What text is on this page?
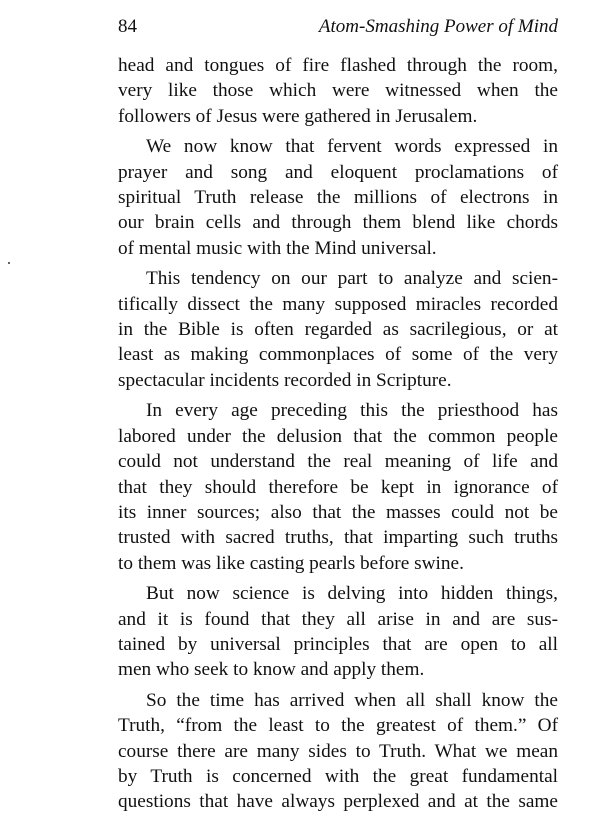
84	Atom-Smashing Power of Mind
head and tongues of fire flashed through the room,
very like those which were witnessed when the
followers of Jesus were gathered in Jerusalem.
We now know that fervent words expressed in
prayer and song and eloquent proclamations of
spiritual Truth release the millions of electrons in
our brain cells and through them blend like chords
of mental music with the Mind universal.
This tendency on our part to analyze and scien-
tifically dissect the many supposed miracles recorded
in the Bible is often regarded as sacrilegious, or at
least as making commonplaces of some of the very
spectacular incidents recorded in Scripture.
In every age preceding this the priesthood has
labored under the delusion that the common people
could not understand the real meaning of life and
that they should therefore be kept in ignorance of
its inner sources; also that the masses could not be
trusted with sacred truths, that imparting such truths
to them was like casting pearls before swine.
But now science is delving into hidden things,
and it is found that they all arise in and are sus-
tained by universal principles that are open to all
men who seek to know and apply them.
So the time has arrived when all shall know the
Truth, “from the least to the greatest of them.” Of
course there are many sides to Truth. What we mean
by Truth is concerned with the great fundamental
questions that have always perplexed and at the same
